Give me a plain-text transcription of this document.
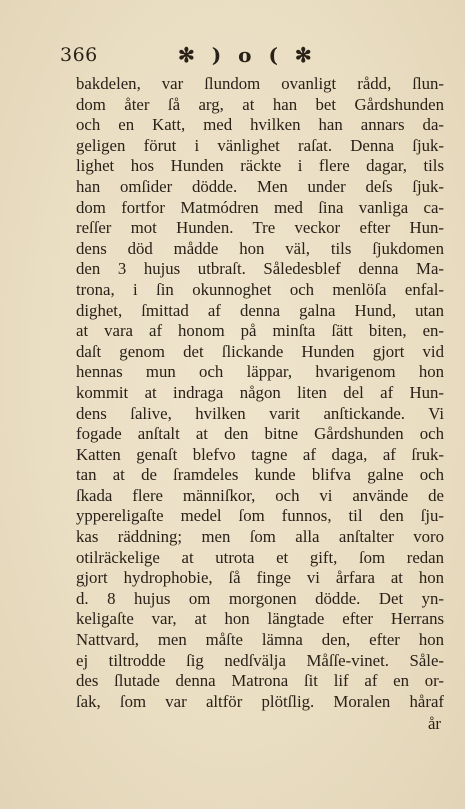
366	✻ ) o ( ✻
bakdelen, var ſlundom ovanligt rådd, ſlun-
dom åter ſå arg, at han bet Gårdshunden
och en Katt, med hvilken han annars da-
geligen förut i vänlighet raſat. Denna ſjuk-
lighet hos Hunden räckte i flere dagar, tils
han omſider dödde. Men under deſs ſjuk-
dom fortfor Matmódren med ſina vanliga ca-
reſſer mot Hunden. Tre veckor efter Hun-
dens död mådde hon väl, tils ſjukdomen
den 3 hujus utbraſt. Såledesblef denna Ma-
trona, i ſin okunnoghet och menlöſa enfal-
dighet, ſmittad af denna galna Hund, utan
at vara af honom på minſta ſätt biten, en-
daſt genom det ſlickande Hunden gjort vid
hennas mun och läppar, hvarigenom hon
kommit at indraga någon liten del af Hun-
dens ſalive, hvilken varit anſtickande. Vi
fogade anſtalt at den bitne Gårdshunden och
Katten genaſt blefvo tagne af daga, af ſruk-
tan at de ſramdeles kunde blifva galne och
ſkada flere männiſkor, och vi använde de
yppereligaſte medel ſom funnos, til den ſju-
kas räddning; men ſom alla anſtalter voro
otilräckelige at utrota et gift, ſom redan
gjort hydrophobie, ſå finge vi årfara at hon
d. 8 hujus om morgonen dödde. Det yn-
keligaſte var, at hon längtade efter Herrans
Nattvard, men måſte lämna den, efter hon
ej tiltrodde ſig nedſvälja Måſſe-vinet. Såle-
des ſlutade denna Matrona ſit lif af en or-
ſak, ſom var altför plötſlig. Moralen håraf
år
